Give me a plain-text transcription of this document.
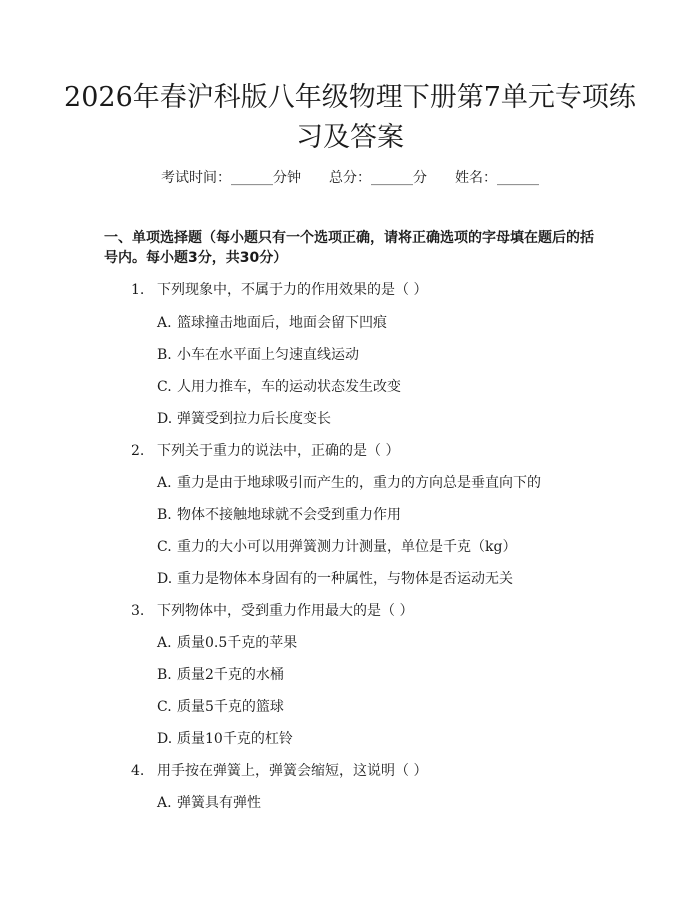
2026年春沪科版八年级物理下册第7单元专项练习及答案
考试时间：______分钟 总分：______分 姓名：______
一、单项选择题（每小题只有一个选项正确，请将正确选项的字母填在题后的括号内。每小题3分，共30分）
1. 下列现象中，不属于力的作用效果的是（ ）
A. 篮球撞击地面后，地面会留下凹痕
B. 小车在水平面上匀速直线运动
C. 人用力推车，车的运动状态发生改变
D. 弹簧受到拉力后长度变长
2. 下列关于重力的说法中，正确的是（ ）
A. 重力是由于地球吸引而产生的，重力的方向总是垂直向下的
B. 物体不接触地球就不会受到重力作用
C. 重力的大小可以用弹簧测力计测量，单位是千克（kg）
D. 重力是物体本身固有的一种属性，与物体是否运动无关
3. 下列物体中，受到重力作用最大的是（ ）
A. 质量0.5千克的苹果
B. 质量2千克的水桶
C. 质量5千克的篮球
D. 质量10千克的杠铃
4. 用手按在弹簧上，弹簧会缩短，这说明（ ）
A. 弹簧具有弹性
